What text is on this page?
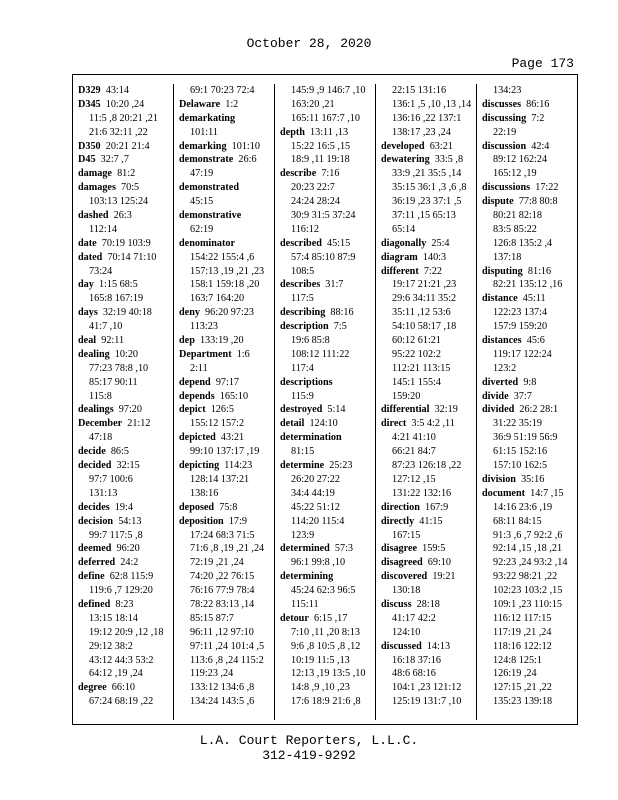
October 28, 2020
Page 173
D329  43:14
D345  10:20 ,24
11:5 ,8 20:21 ,21
21:6 32:11 ,22
D350  20:21 21:4
D45  32:7 ,7
damage  81:2
damages  70:5
103:13 125:24
dashed  26:3
112:14
date  70:19 103:9
dated  70:14 71:10
73:24
day  1:15 68:5
165:8 167:19
days  32:19 40:18
41:7 ,10
deal  92:11
dealing  10:20
77:23 78:8 ,10
85:17 90:11
115:8
dealings  97:20
December  21:12
47:18
decide  86:5
decided  32:15
97:7 100:6
131:13
decides  19:4
decision  54:13
99:7 117:5 ,8
deemed  96:20
deferred  24:2
define  62:8 115:9
119:6 ,7 129:20
defined  8:23
13:15 18:14
19:12 20:9 ,12 ,18
29:12 38:2
43:12 44:3 53:2
64:12 ,19 ,24
degree  66:10
67:24 68:19 ,22
69:1 70:23 72:4
Delaware  1:2
demarkating
101:11
demarking  101:10
demonstrate  26:6
47:19
demonstrated
45:15
demonstrative
62:19
denominator
154:22 155:4 ,6
157:13 ,19 ,21 ,23
158:1 159:18 ,20
163:7 164:20
deny  96:20 97:23
113:23
dep  133:19 ,20
Department  1:6
2:11
depend  97:17
depends  165:10
depict  126:5
155:12 157:2
depicted  43:21
99:10 137:17 ,19
depicting  114:23
128:14 137:21
138:16
deposed  75:8
deposition  17:9
17:24 68:3 71:5
71:6 ,8 ,19 ,21 ,24
72:19 ,21 ,24
74:20 ,22 76:15
76:16 77:9 78:4
78:22 83:13 ,14
85:15 87:7
96:11 ,12 97:10
97:11 ,24 101:4 ,5
113:6 ,8 ,24 115:2
119:23 ,24
133:12 134:6 ,8
134:24 143:5 ,6
145:9 ,9 146:7 ,10
163:20 ,21
165:11 167:7 ,10
depth  13:11 ,13
15:22 16:5 ,15
18:9 ,11 19:18
describe  7:16
20:23 22:7
24:24 28:24
30:9 31:5 37:24
116:12
described  45:15
57:4 85:10 87:9
108:5
describes  31:7
117:5
describing  88:16
description  7:5
19:6 85:8
108:12 111:22
117:4
descriptions
115:9
destroyed  5:14
detail  124:10
determination
81:15
determine  25:23
26:20 27:22
34:4 44:19
45:22 51:12
114:20 115:4
123:9
determined  57:3
96:1 99:8 ,10
determining
45:24 62:3 96:5
115:11
detour  6:15 ,17
7:10 ,11 ,20 8:13
9:6 ,8 10:5 ,8 ,12
10:19 11:5 ,13
12:13 ,19 13:5 ,10
14:8 ,9 ,10 ,23
17:6 18:9 21:6 ,8
22:15 131:16
136:1 ,5 ,10 ,13 ,14
136:16 ,22 137:1
138:17 ,23 ,24
developed  63:21
dewatering  33:5 ,8
33:9 ,21 35:5 ,14
35:15 36:1 ,3 ,6 ,8
36:19 ,23 37:1 ,5
37:11 ,15 65:13
65:14
diagonally  25:4
diagram  140:3
different  7:22
19:17 21:21 ,23
29:6 34:11 35:2
35:11 ,12 53:6
54:10 58:17 ,18
60:12 61:21
95:22 102:2
112:21 113:15
145:1 155:4
159:20
differential  32:19
direct  3:5 4:2 ,11
4:21 41:10
66:21 84:7
87:23 126:18 ,22
127:12 ,15
131:22 132:16
direction  167:9
directly  41:15
167:15
disagree  159:5
disagreed  69:10
discovered  19:21
130:18
discuss  28:18
41:17 42:2
124:10
discussed  14:13
16:18 37:16
48:6 68:16
104:1 ,23 121:12
125:19 131:7 ,10
134:23
discusses  86:16
discussing  7:2
22:19
discussion  42:4
89:12 162:24
165:12 ,19
discussions  17:22
dispute  77:8 80:8
80:21 82:18
83:5 85:22
126:8 135:2 ,4
137:18
disputing  81:16
82:21 135:12 ,16
distance  45:11
122:23 137:4
157:9 159:20
distances  45:6
119:17 122:24
123:2
diverted  9:8
divide  37:7
divided  26:2 28:1
31:22 35:19
36:9 51:19 56:9
61:15 152:16
157:10 162:5
division  35:16
document  14:7 ,15
14:16 23:6 ,19
68:11 84:15
91:3 ,6 ,7 92:2 ,6
92:14 ,15 ,18 ,21
92:23 ,24 93:2 ,14
93:22 98:21 ,22
102:23 103:2 ,15
109:1 ,23 110:15
116:12 117:15
117:19 ,21 ,24
118:16 122:12
124:8 125:1
126:19 ,24
127:15 ,21 ,22
135:23 139:18
L.A. Court Reporters, L.L.C.
312-419-9292
